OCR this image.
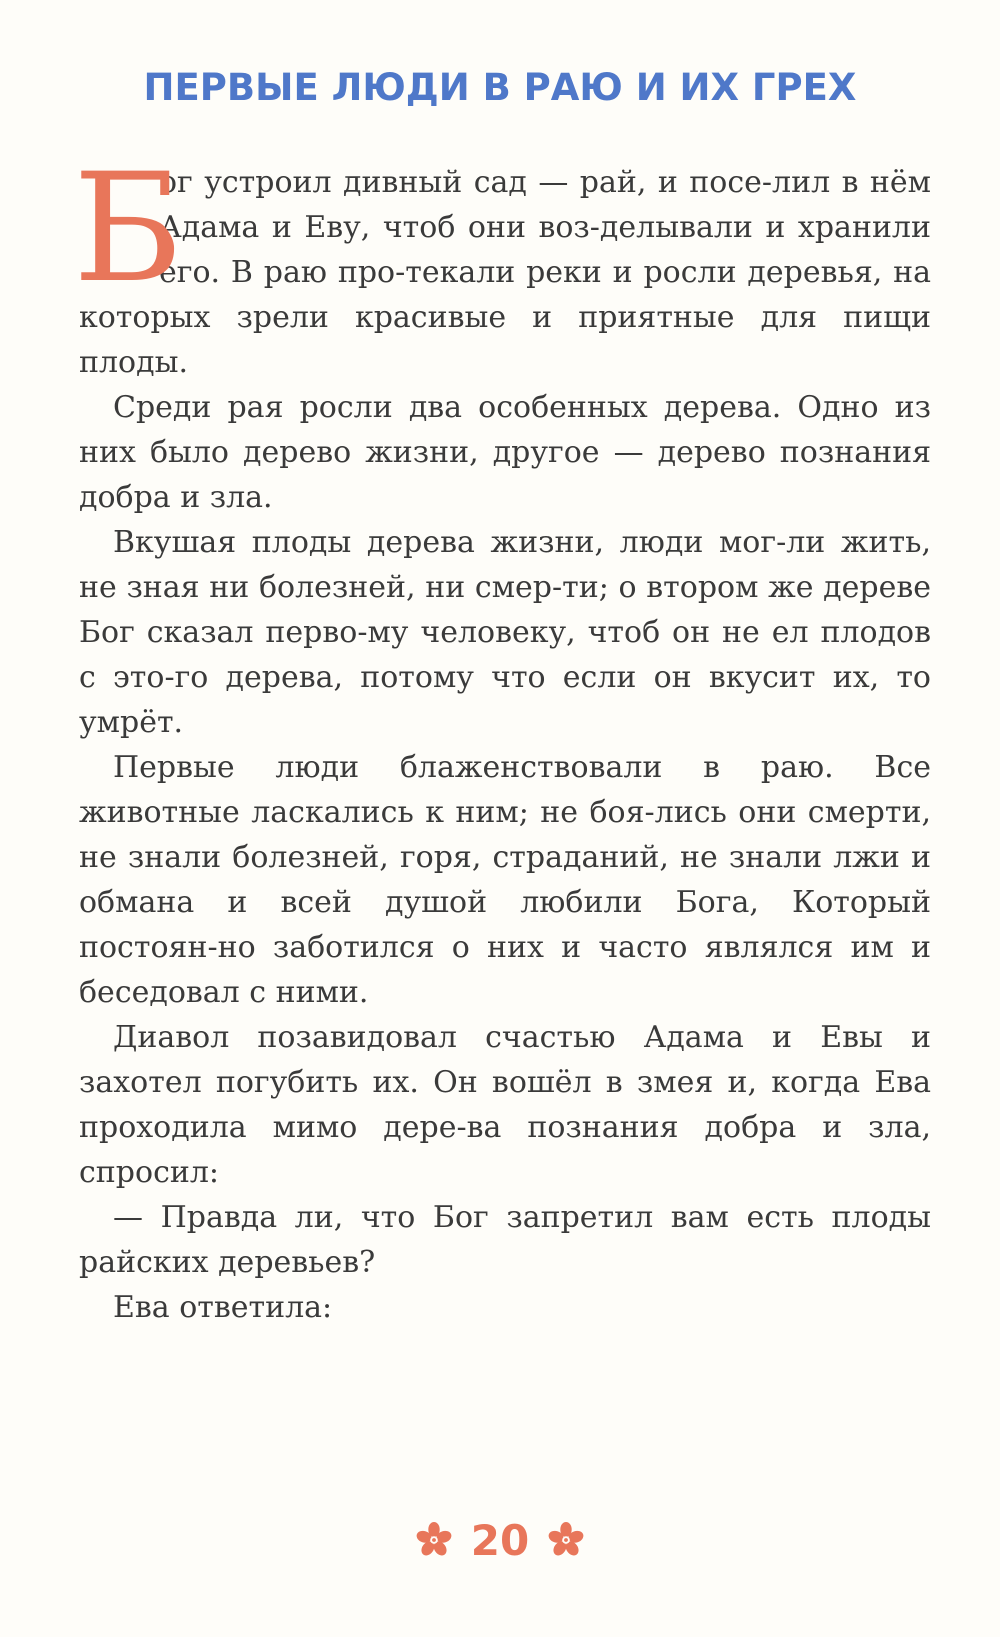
ПЕРВЫЕ ЛЮДИ В РАЮ И ИХ ГРЕХ

Б
ог устроил дивный сад — рай, и посе-лил в нём Адама и Еву, чтоб они воз-делывали и хранили его. В раю про-текали реки и росли деревья, на которых зрели красивые и приятные для пищи плоды.

Среди рая росли два особенных дерева. Одно из них было дерево жизни, другое — дерево познания добра и зла.

Вкушая плоды дерева жизни, люди мог-ли жить, не зная ни болезней, ни смер-ти; о втором же дереве Бог сказал перво-му человеку, чтоб он не ел плодов с это-го дерева, потому что если он вкусит их, то умрёт.

Первые люди блаженствовали в раю. Все животные ласкались к ним; не боя-лись они смерти, не знали болезней, горя, страданий, не знали лжи и обмана и всей душой любили Бога, Который постоян-но заботился о них и часто являлся им и беседовал с ними.

Диавол позавидовал счастью Адама и Евы и захотел погубить их. Он вошёл в змея и, когда Ева проходила мимо дере-ва познания добра и зла, спросил:

— Правда ли, что Бог запретил вам есть плоды райских деревьев?

Ева ответила:

20
